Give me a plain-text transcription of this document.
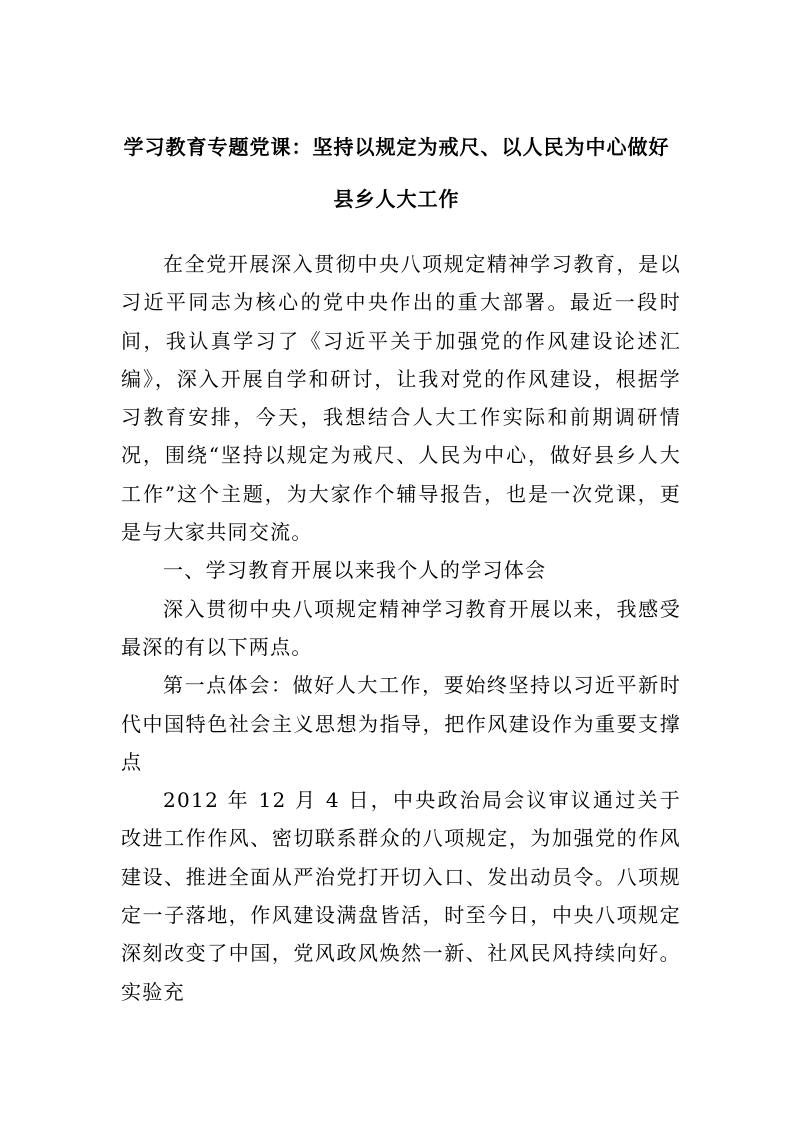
学习教育专题党课：坚持以规定为戒尺、以人民为中心做好
县乡人大工作

在全党开展深入贯彻中央八项规定精神学习教育，是以习近平同志为核心的党中央作出的重大部署。最近一段时间，我认真学习了《习近平关于加强党的作风建设论述汇编》，深入开展自学和研讨，让我对党的作风建设，根据学习教育安排，今天，我想结合人大工作实际和前期调研情况，围绕“坚持以规定为戒尺、人民为中心，做好县乡人大工作”这个主题，为大家作个辅导报告，也是一次党课，更是与大家共同交流。

一、学习教育开展以来我个人的学习体会

深入贯彻中央八项规定精神学习教育开展以来，我感受最深的有以下两点。

第一点体会：做好人大工作，要始终坚持以习近平新时代中国特色社会主义思想为指导，把作风建设作为重要支撑点

2012 年 12 月 4 日，中央政治局会议审议通过关于改进工作作风、密切联系群众的八项规定，为加强党的作风建设、推进全面从严治党打开切入口、发出动员令。八项规定一子落地，作风建设满盘皆活，时至今日，中央八项规定深刻改变了中国，党风政风焕然一新、社风民风持续向好。实验充
